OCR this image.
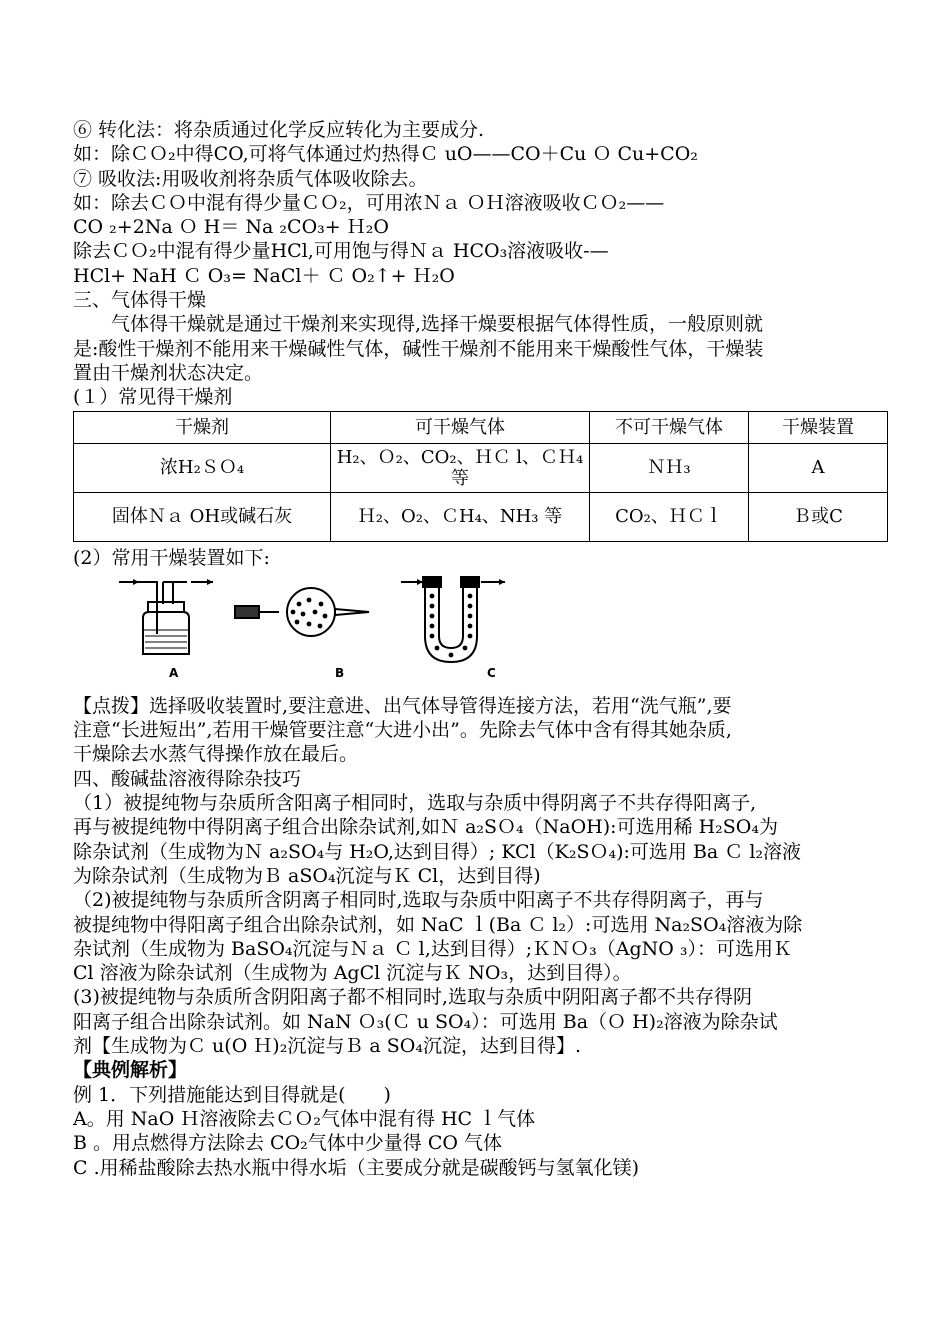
⑥ 转化法：将杂质通过化学反应转化为主要成分.
如：除ＣＯ₂中得CO,可将气体通过灼热得Ｃ uO——CO＋Cu Ｏ Cu+CO₂
⑦ 吸收法:用吸收剂将杂质气体吸收除去。
如：除去ＣＯ中混有得少量ＣＯ₂，可用浓Ｎａ ＯＨ溶液吸收ＣＯ₂——
CO ₂+2Na Ｏ H＝ Na ₂CO₃+ Ｈ₂O
除去ＣＯ₂中混有得少量HCl,可用饱与得Ｎａ HCO₃溶液吸收-—
HCl+ NaH Ｃ O₃= NaCl＋ Ｃ O₂↑+ Ｈ₂O
三、气体得干燥
气体得干燥就是通过干燥剂来实现得,选择干燥要根据气体得性质，一般原则就
是:酸性干燥剂不能用来干燥碱性气体，碱性干燥剂不能用来干燥酸性气体，干燥装
置由干燥剂状态决定。
(１）常见得干燥剂
干燥剂	可干燥气体	不可干燥气体	干燥装置
浓H₂ＳＯ₄	H₂、Ｏ₂、CO₂、ＨＣ l、ＣＨ₄等	ＮＨ₃	A
固体Ｎａ OH或碱石灰	Ｈ₂、O₂、ＣH₄、NH₃ 等	CO₂、ＨＣｌ	Ｂ或C
(2）常用干燥装置如下:
A	B	C
【点拨】选择吸收装置时,要注意进、出气体导管得连接方法，若用“洗气瓶”,要
注意“长进短出”,若用干燥管要注意“大进小出”。先除去气体中含有得其她杂质,
干燥除去水蒸气得操作放在最后。
四、酸碱盐溶液得除杂技巧
（1）被提纯物与杂质所含阳离子相同时，选取与杂质中得阴离子不共存得阳离子,
再与被提纯物中得阴离子组合出除杂试剂,如Ｎ a₂SＯ₄（NaOH):可选用稀 H₂SO₄为
除杂试剂（生成物为Ｎ a₂SO₄与 H₂O,达到目得）; KCl（K₂SＯ₄):可选用 Ba Ｃ l₂溶液
为除杂试剂（生成物为Ｂ aSO₄沉淀与Ｋ Cl，达到目得)
（2)被提纯物与杂质所含阴离子相同时,选取与杂质中阳离子不共存得阴离子，再与
被提纯物中得阳离子组合出除杂试剂，如 NaC ｌ(Ba Ｃ l₂）:可选用 Na₂SO₄溶液为除
杂试剂（生成物为 BaSO₄沉淀与Ｎａ Ｃ l,达到目得）;ＫＮＯ₃（AgNO ₃）：可选用Ｋ
Cl 溶液为除杂试剂（生成物为 AgCl 沉淀与Ｋ NO₃，达到目得）。
(3)被提纯物与杂质所含阴阳离子都不相同时,选取与杂质中阴阳离子都不共存得阴
阳离子组合出除杂试剂。如 NaN Ｏ₃(Ｃ u SO₄）：可选用 Ba（Ｏ H)₂溶液为除杂试
剂【生成物为Ｃ u(O Ｈ)₂沉淀与Ｂ a SO₄沉淀，达到目得】.
【典例解析】
例 1．下列措施能达到目得就是(　　)
A。用 NaO Ｈ溶液除去ＣＯ₂气体中混有得 HC ｌ气体
B 。用点燃得方法除去 CO₂气体中少量得 CO 气体
C .用稀盐酸除去热水瓶中得水垢（主要成分就是碳酸钙与氢氧化镁)
